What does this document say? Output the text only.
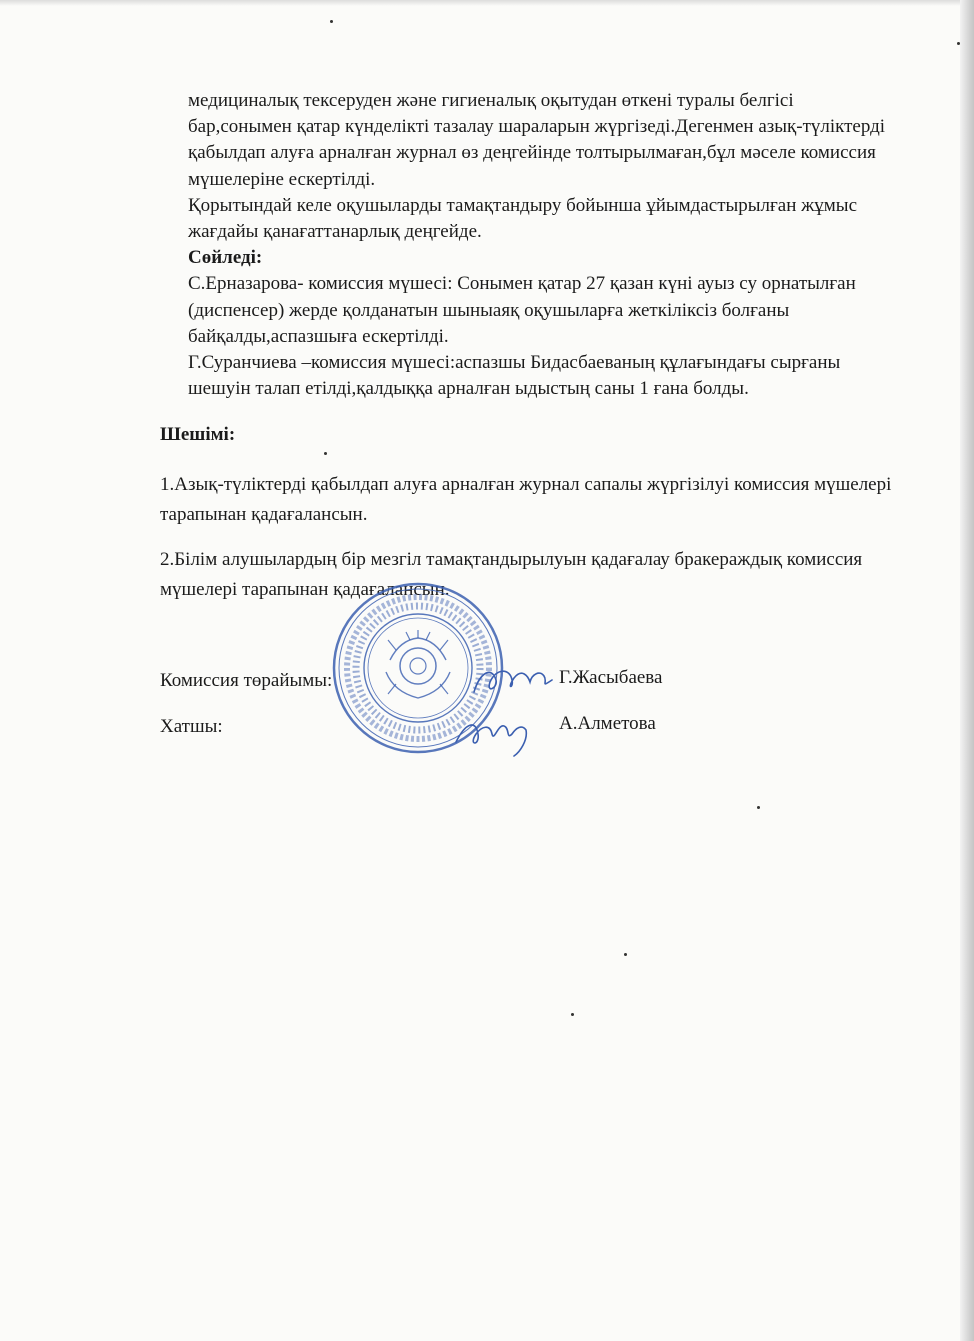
медициналық тексеруден және гигиеналық оқытудан өткені туралы белгісі бар,сонымен қатар күнделікті тазалау шараларын жүргізеді.Дегенмен азық-түліктерді қабылдап алуға арналған журнал өз деңгейінде толтырылмаған,бұл мәселе комиссия мүшелеріне ескертілді.

Қорытындай келе оқушыларды тамақтандыру бойынша ұйымдастырылған жұмыс жағдайы қанағаттанарлық деңгейде.

Сөйледі:

С.Ерназарова- комиссия мүшесі: Сонымен қатар 27 қазан күні ауыз су орнатылған (диспенсер) жерде қолданатын шыныаяқ оқушыларға жеткіліксіз болғаны байқалды,аспазшыға ескертілді.

Г.Суранчиева –комиссия мүшесі:аспазшы Бидасбаеваның құлағындағы сырғаны шешуін талап етілді,қалдыққа арналған ыдыстың саны 1 ғана болды.

Шешімі:
1.Азық-түліктерді қабылдап алуға арналған журнал сапалы жүргізілуі комиссия мүшелері тарапынан қадағалансын.
2.Білім алушылардың бір мезгіл тамақтандырылуын қадағалау бракераждық комиссия мүшелері тарапынан қадағалансын.
Комиссия төрайымы:	Г.Жасыбаева
Хатшы:	А.Алметова
